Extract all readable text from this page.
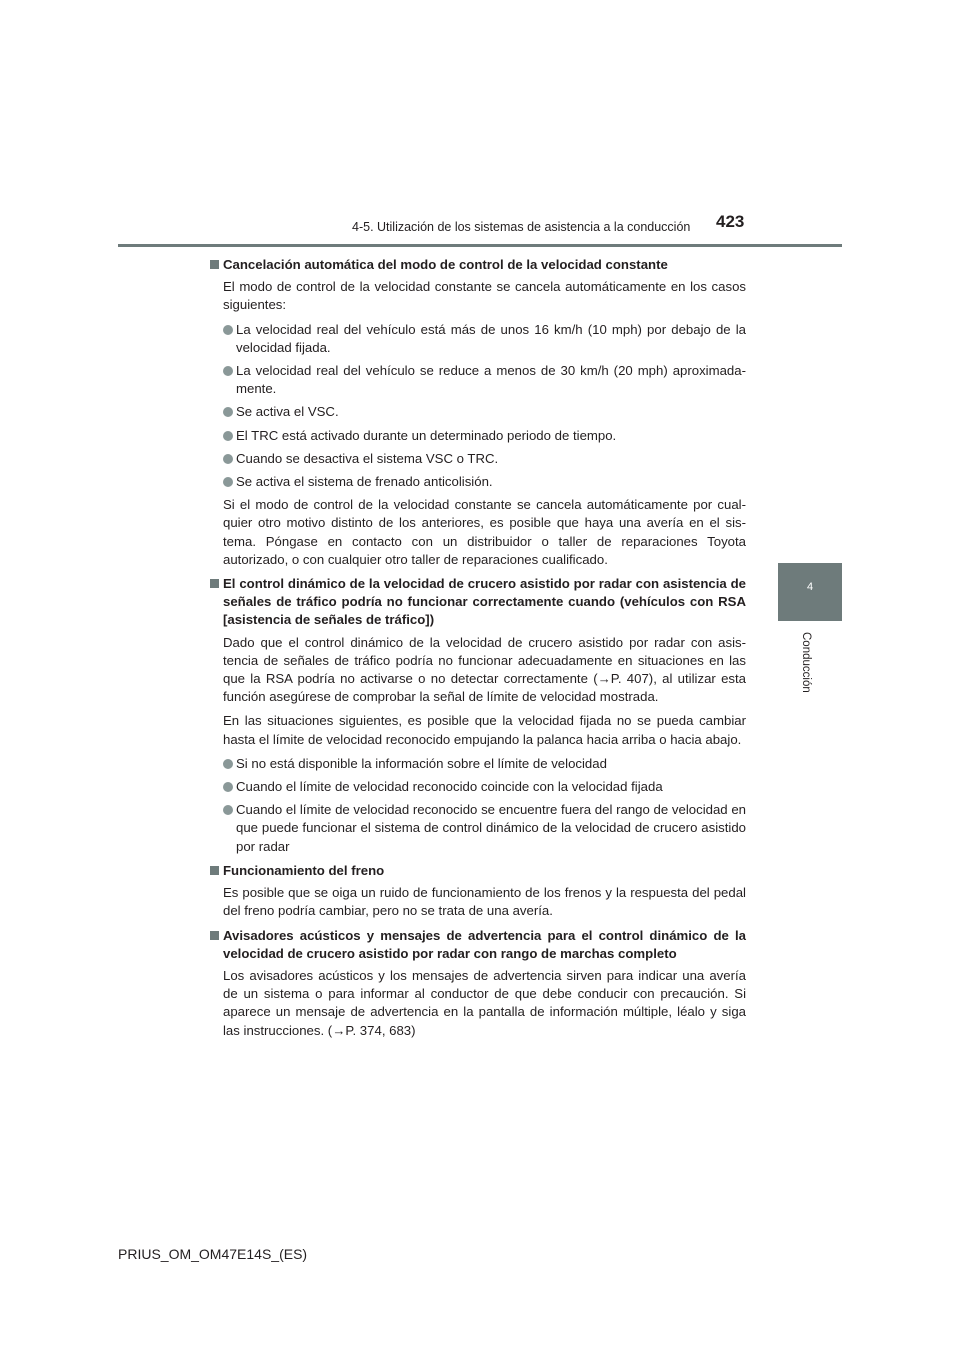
4-5. Utilización de los sistemas de asistencia a la conducción 423
4
Conducción
Cancelación automática del modo de control de la velocidad constante
El modo de control de la velocidad constante se cancela automáticamente en los casos siguientes:
La velocidad real del vehículo está más de unos 16 km/h (10 mph) por debajo de la velocidad fijada.
La velocidad real del vehículo se reduce a menos de 30 km/h (20 mph) aproximada-mente.
Se activa el VSC.
El TRC está activado durante un determinado periodo de tiempo.
Cuando se desactiva el sistema VSC o TRC.
Se activa el sistema de frenado anticolisión.
Si el modo de control de la velocidad constante se cancela automáticamente por cual-quier otro motivo distinto de los anteriores, es posible que haya una avería en el sis-tema. Póngase en contacto con un distribuidor o taller de reparaciones Toyota autorizado, o con cualquier otro taller de reparaciones cualificado.
El control dinámico de la velocidad de crucero asistido por radar con asistencia de señales de tráfico podría no funcionar correctamente cuando (vehículos con RSA [asistencia de señales de tráfico])
Dado que el control dinámico de la velocidad de crucero asistido por radar con asis-tencia de señales de tráfico podría no funcionar adecuadamente en situaciones en las que la RSA podría no activarse o no detectar correctamente (→P. 407), al utilizar esta función asegúrese de comprobar la señal de límite de velocidad mostrada.
En las situaciones siguientes, es posible que la velocidad fijada no se pueda cambiar hasta el límite de velocidad reconocido empujando la palanca hacia arriba o hacia abajo.
Si no está disponible la información sobre el límite de velocidad
Cuando el límite de velocidad reconocido coincide con la velocidad fijada
Cuando el límite de velocidad reconocido se encuentre fuera del rango de velocidad en que puede funcionar el sistema de control dinámico de la velocidad de crucero asistido por radar
Funcionamiento del freno
Es posible que se oiga un ruido de funcionamiento de los frenos y la respuesta del pedal del freno podría cambiar, pero no se trata de una avería.
Avisadores acústicos y mensajes de advertencia para el control dinámico de la velocidad de crucero asistido por radar con rango de marchas completo
Los avisadores acústicos y los mensajes de advertencia sirven para indicar una avería de un sistema o para informar al conductor de que debe conducir con precaución. Si aparece un mensaje de advertencia en la pantalla de información múltiple, léalo y siga las instrucciones. (→P. 374, 683)
PRIUS_OM_OM47E14S_(ES)
